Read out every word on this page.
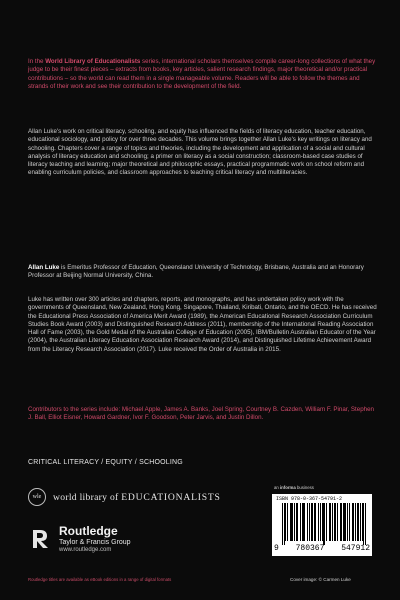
In the World Library of Educationalists series, international scholars themselves compile career-long collections of what they judge to be their finest pieces – extracts from books, key articles, salient research findings, major theoretical and/or practical contributions – so the world can read them in a single manageable volume. Readers will be able to follow the themes and strands of their work and see their contribution to the development of the field.
Allan Luke's work on critical literacy, schooling, and equity has influenced the fields of literacy education, teacher education, educational sociology, and policy for over three decades. This volume brings together Allan Luke's key writings on literacy and schooling. Chapters cover a range of topics and theories, including the development and application of a social and cultural analysis of literacy education and schooling; a primer on literacy as a social construction; classroom-based case studies of literacy teaching and learning; major theoretical and philosophic essays, practical programmatic work on school reform and enabling curriculum policies, and classroom approaches to teaching critical literacy and multiliteracies.
Allan Luke is Emeritus Professor of Education, Queensland University of Technology, Brisbane, Australia and an Honorary Professor at Beijing Normal University, China.
Luke has written over 300 articles and chapters, reports, and monographs, and has undertaken policy work with the governments of Queensland, New Zealand, Hong Kong, Singapore, Thailand, Kiribati, Ontario, and the OECD. He has received the Educational Press Association of America Merit Award (1989), the American Educational Research Association Curriculum Studies Book Award (2003) and Distinguished Research Address (2011), membership of the International Reading Association Hall of Fame (2003), the Gold Medal of the Australian College of Education (2005), IBM/Bulletin Australian Educator of the Year (2004), the Australian Literacy Education Association Research Award (2014), and Distinguished Lifetime Achievement Award from the Literacy Research Association (2017). Luke received the Order of Australia in 2015.
Contributors to the series include: Michael Apple, James A. Banks, Joel Spring, Courtney B. Cazden, William F. Pinar, Stephen J. Ball, Elliot Eisner, Howard Gardner, Ivor F. Goodson, Peter Jarvis, and Justin Dillon.
CRITICAL LITERACY / EQUITY / SCHOOLING
wle	world library of EDUCATIONALISTS
Routledge
Taylor & Francis Group
www.routledge.com
Routledge titles are available as eBook editions in a range of digital formats
an informa business
ISBN 978-0-367-54791-2
9 780367 547912
Cover image: © Carmen Luke
